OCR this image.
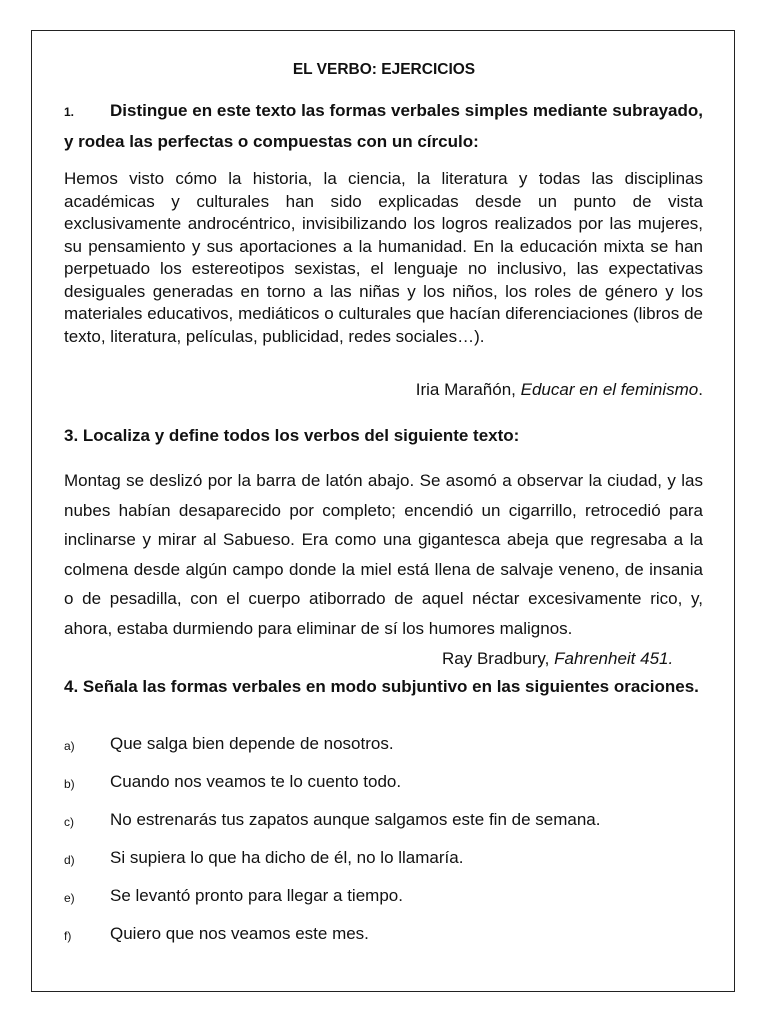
EL VERBO: EJERCICIOS
1. Distingue en este texto las formas verbales simples mediante subrayado, y rodea las perfectas o compuestas con un círculo:
Hemos visto cómo la historia, la ciencia, la literatura y todas las disciplinas académicas y culturales han sido explicadas desde un punto de vista exclusivamente androcéntrico, invisibilizando los logros realizados por las mujeres, su pensamiento y sus aportaciones a la humanidad. En la educación mixta se han perpetuado los estereotipos sexistas, el lenguaje no inclusivo, las expectativas desiguales generadas en torno a las niñas y los niños, los roles de género y los materiales educativos, mediáticos o culturales que hacían diferenciaciones (libros de texto, literatura, películas, publicidad, redes sociales…).
Iria Marañón, Educar en el feminismo.
3. Localiza y define todos los verbos del siguiente texto:
Montag se deslizó por la barra de latón abajo. Se asomó a observar la ciudad, y las nubes habían desaparecido por completo; encendió un cigarrillo, retrocedió para inclinarse y mirar al Sabueso. Era como una gigantesca abeja que regresaba a la colmena desde algún campo donde la miel está llena de salvaje veneno, de insania o de pesadilla, con el cuerpo atiborrado de aquel néctar excesivamente rico, y, ahora, estaba durmiendo para eliminar de sí los humores malignos.
Ray Bradbury, Fahrenheit 451.
4. Señala las formas verbales en modo subjuntivo en las siguientes oraciones.
a)	Que salga bien depende de nosotros.
b)	Cuando nos veamos te lo cuento todo.
c)	No estrenarás tus zapatos aunque salgamos este fin de semana.
d)	Si supiera lo que ha dicho de él, no lo llamaría.
e)	Se levantó pronto para llegar a tiempo.
f)	Quiero que nos veamos este mes.
